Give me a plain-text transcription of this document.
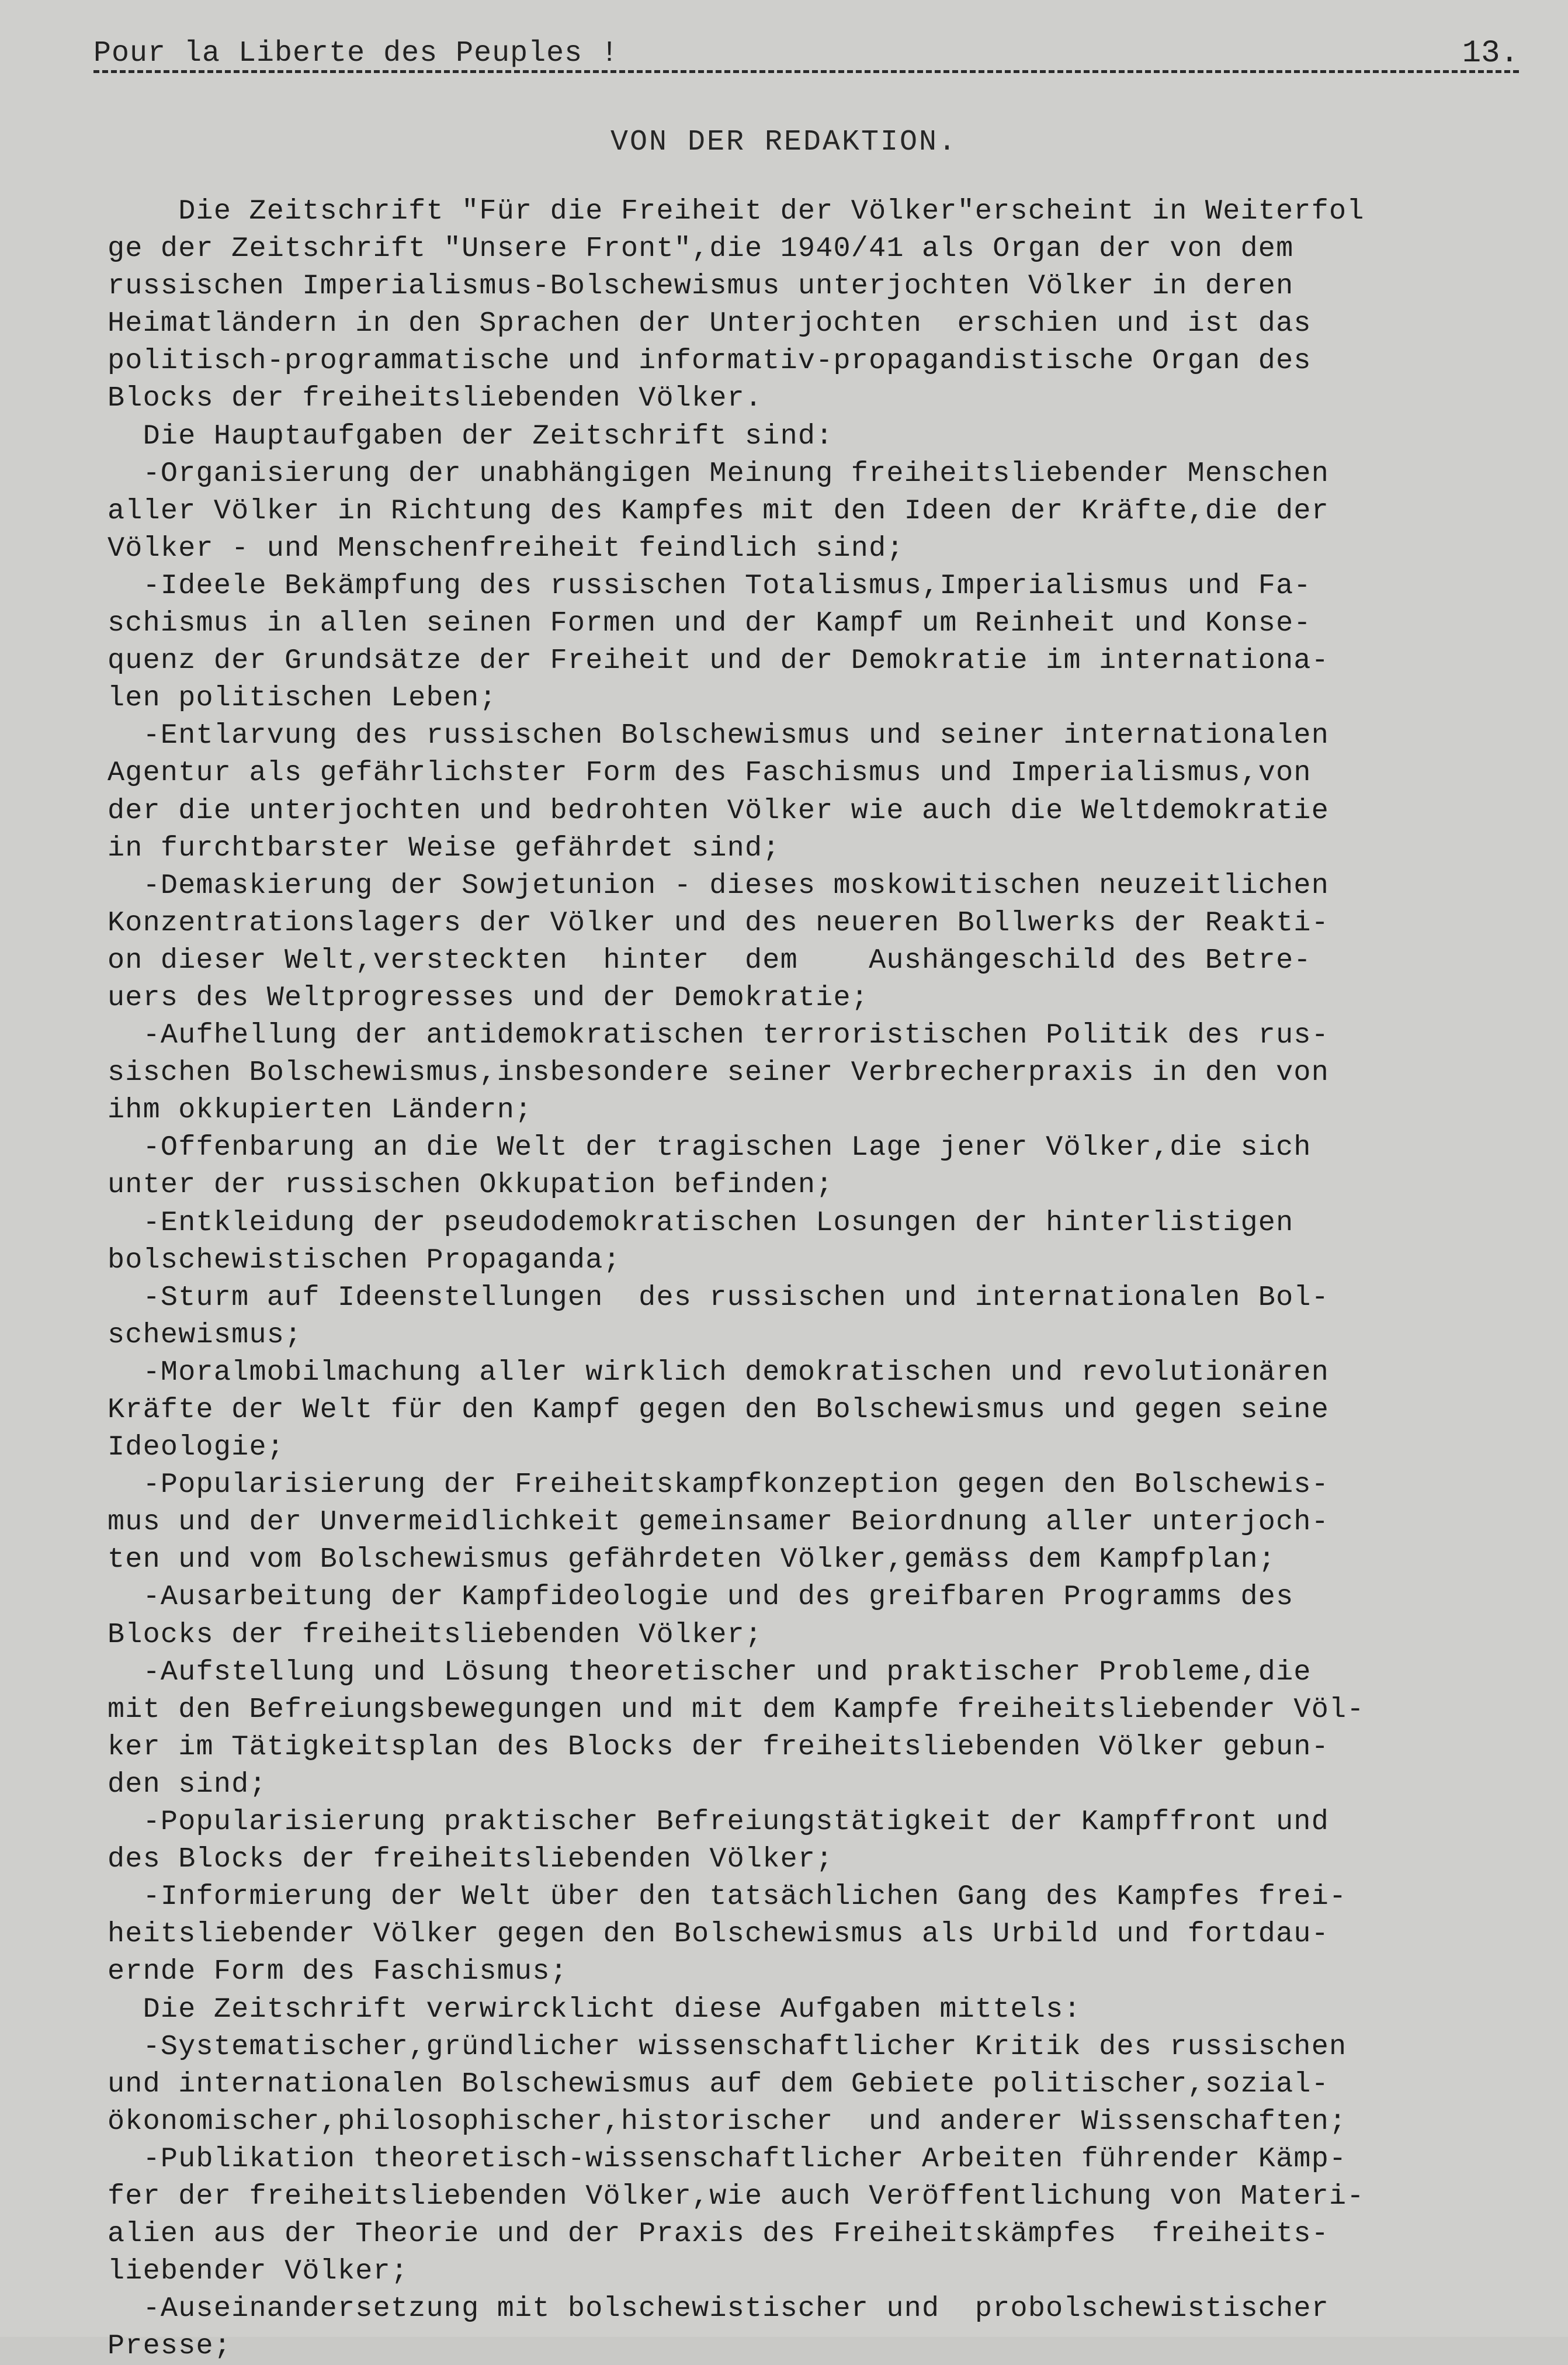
Pour la Liberte des Peuples !	13.
VON DER REDAKTION.
Die Zeitschrift "Für die Freiheit der Völker"erscheint in Weiterfol
ge der Zeitschrift "Unsere Front",die 1940/41 als Organ der von dem
russischen Imperialismus-Bolschewismus unterjochten Völker in deren
Heimatländern in den Sprachen der Unterjochten  erschien und ist das
politisch-programmatische und informativ-propagandistische Organ des
Blocks der freiheitsliebenden Völker.
Die Hauptaufgaben der Zeitschrift sind:
-Organisierung der unabhängigen Meinung freiheitsliebender Menschen
aller Völker in Richtung des Kampfes mit den Ideen der Kräfte,die der
Völker - und Menschenfreiheit feindlich sind;
-Ideele Bekämpfung des russischen Totalismus,Imperialismus und Fa-
schismus in allen seinen Formen und der Kampf um Reinheit und Konse-
quenz der Grundsätze der Freiheit und der Demokratie im internationa-
len politischen Leben;
-Entlarvung des russischen Bolschewismus und seiner internationalen
Agentur als gefährlichster Form des Faschismus und Imperialismus,von
der die unterjochten und bedrohten Völker wie auch die Weltdemokratie
in furchtbarster Weise gefährdet sind;
-Demaskierung der Sowjetunion - dieses moskowitischen neuzeitlichen
Konzentrationslagers der Völker und des neueren Bollwerks der Reakti-
on dieser Welt,versteckten  hinter  dem    Aushängeschild des Betre-
uers des Weltprogresses und der Demokratie;
-Aufhellung der antidemokratischen terroristischen Politik des rus-
sischen Bolschewismus,insbesondere seiner Verbrecherpraxis in den von
ihm okkupierten Ländern;
-Offenbarung an die Welt der tragischen Lage jener Völker,die sich
unter der russischen Okkupation befinden;
-Entkleidung der pseudodemokratischen Losungen der hinterlistigen
bolschewistischen Propaganda;
-Sturm auf Ideenstellungen  des russischen und internationalen Bol-
schewismus;
-Moralmobilmachung aller wirklich demokratischen und revolutionären
Kräfte der Welt für den Kampf gegen den Bolschewismus und gegen seine
Ideologie;
-Popularisierung der Freiheitskampfkonzeption gegen den Bolschewis-
mus und der Unvermeidlichkeit gemeinsamer Beiordnung aller unterjoch-
ten und vom Bolschewismus gefährdeten Völker,gemäss dem Kampfplan;
-Ausarbeitung der Kampfideologie und des greifbaren Programms des
Blocks der freiheitsliebenden Völker;
-Aufstellung und Lösung theoretischer und praktischer Probleme,die
mit den Befreiungsbewegungen und mit dem Kampfe freiheitsliebender Völ-
ker im Tätigkeitsplan des Blocks der freiheitsliebenden Völker gebun-
den sind;
-Popularisierung praktischer Befreiungstätigkeit der Kampffront und
des Blocks der freiheitsliebenden Völker;
-Informierung der Welt über den tatsächlichen Gang des Kampfes frei-
heitsliebender Völker gegen den Bolschewismus als Urbild und fortdau-
ernde Form des Faschismus;
Die Zeitschrift verwircklicht diese Aufgaben mittels:
-Systematischer,gründlicher wissenschaftlicher Kritik des russischen
und internationalen Bolschewismus auf dem Gebiete politischer,sozial-
ökonomischer,philosophischer,historischer  und anderer Wissenschaften;
-Publikation theoretisch-wissenschaftlicher Arbeiten führender Kämp-
fer der freiheitsliebenden Völker,wie auch Veröffentlichung von Materi-
alien aus der Theorie und der Praxis des Freiheitskämpfes  freiheits-
liebender Völker;
-Auseinandersetzung mit bolschewistischer und  probolschewistischer
Presse;
